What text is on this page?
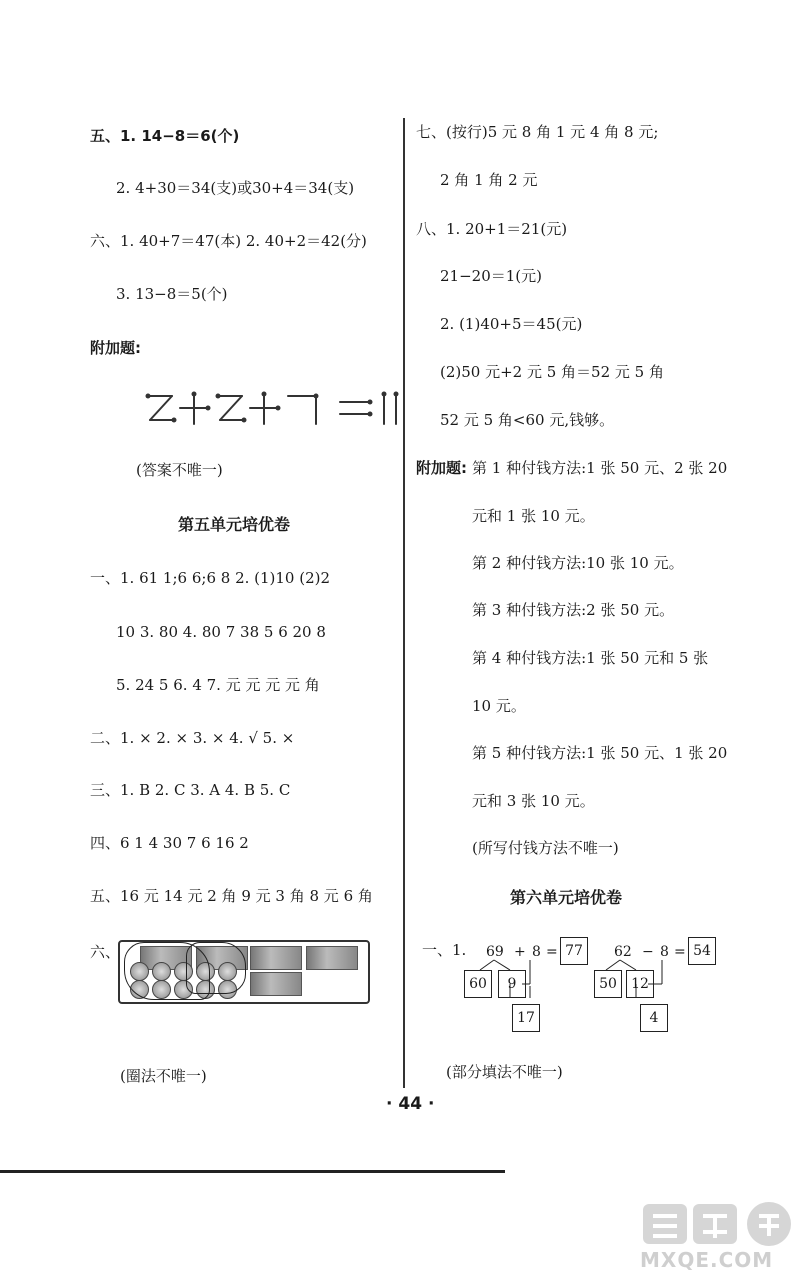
五、1. 14−8＝6(个)
2. 4+30＝34(支)或30+4＝34(支)
六、1. 40+7＝47(本) 2. 40+2＝42(分)
3. 13−8＝5(个)
附加题:
(答案不唯一)
第五单元培优卷
一、1. 61 1;6 6;6 8 2. (1)10 (2)2
10 3. 80 4. 80 7 38 5 6 20 8
5. 24 5 6. 4 7. 元 元 元 元 角
二、1. × 2. × 3. × 4. √ 5. ×
三、1. B 2. C 3. A 4. B 5. C
四、6 1 4 30 7 6 16 2
五、16 元 14 元 2 角 9 元 3 角 8 元 6 角
六、
(圈法不唯一)
七、(按行)5 元 8 角 1 元 4 角 8 元;
2 角 1 角 2 元
八、1. 20+1＝21(元)
21−20＝1(元)
2. (1)40+5＝45(元)
(2)50 元+2 元 5 角＝52 元 5 角
52 元 5 角<60 元,钱够。
附加题: 第 1 种付钱方法:1 张 50 元、2 张 20
元和 1 张 10 元。
第 2 种付钱方法:10 张 10 元。
第 3 种付钱方法:2 张 50 元。
第 4 种付钱方法:1 张 50 元和 5 张
10 元。
第 5 种付钱方法:1 张 50 元、1 张 20
元和 3 张 10 元。
(所写付钱方法不唯一)
第六单元培优卷
一、1. 69 + 8 = 77
60	9
17
62 − 8 = 54
50	12
4
(部分填法不唯一)
· 44 ·
MXQE.COM
